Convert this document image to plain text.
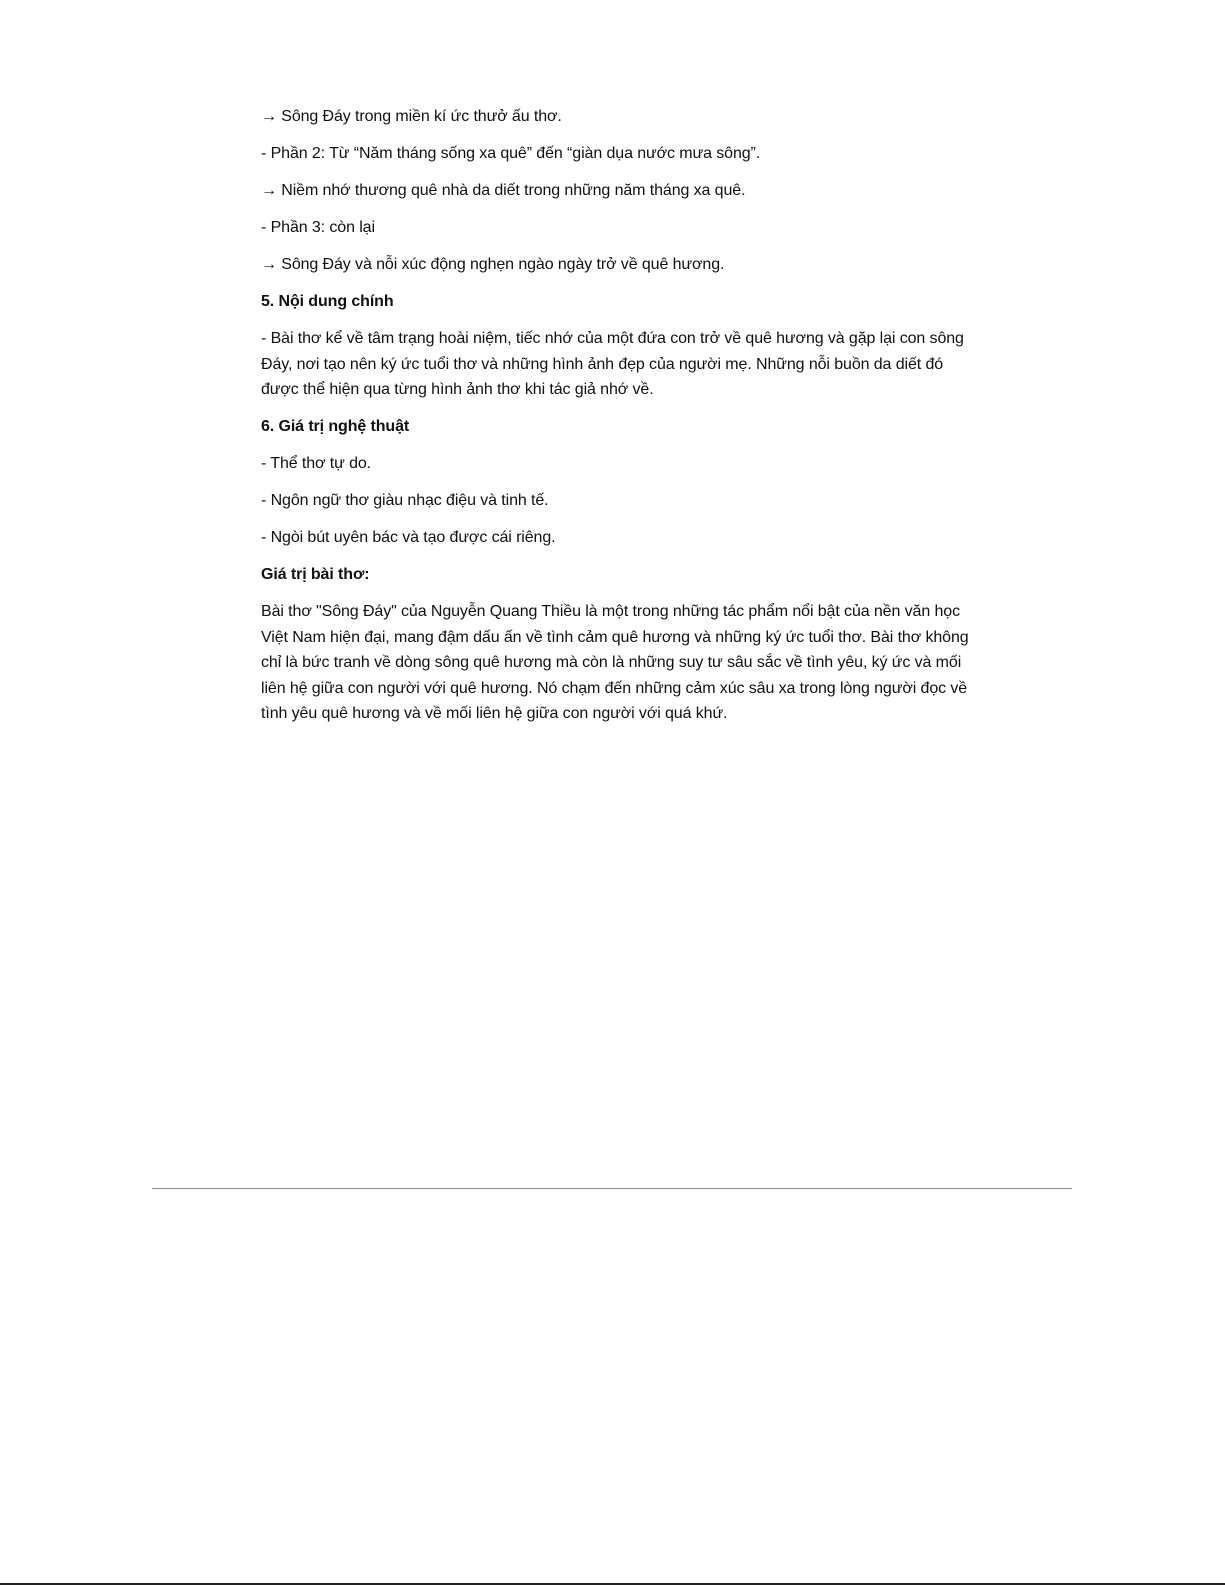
→ Sông Đáy trong miền kí ức thưở ấu thơ.

- Phần 2: Từ “Năm tháng sống xa quê” đến “giàn dụa nước mưa sông”.

→ Niềm nhớ thương quê nhà da diết trong những năm tháng xa quê.

- Phần 3: còn lại

→ Sông Đáy và nỗi xúc động nghẹn ngào ngày trở về quê hương.

5. Nội dung chính

- Bài thơ kể về tâm trạng hoài niệm, tiếc nhớ của một đứa con trở về quê hương và gặp lại con sông Đáy, nơi tạo nên ký ức tuổi thơ và những hình ảnh đẹp của người mẹ. Những nỗi buồn da diết đó được thể hiện qua từng hình ảnh thơ khi tác giả nhớ về.

6. Giá trị nghệ thuật

- Thể thơ tự do.

- Ngôn ngữ thơ giàu nhạc điệu và tinh tế.

- Ngòi bút uyên bác và tạo được cái riêng.

Giá trị bài thơ:

Bài thơ "Sông Đáy" của Nguyễn Quang Thiều là một trong những tác phẩm nổi bật của nền văn học Việt Nam hiện đại, mang đậm dấu ấn về tình cảm quê hương và những ký ức tuổi thơ. Bài thơ không chỉ là bức tranh về dòng sông quê hương mà còn là những suy tư sâu sắc về tình yêu, ký ức và mối liên hệ giữa con người với quê hương. Nó chạm đến những cảm xúc sâu xa trong lòng người đọc về tình yêu quê hương và về mối liên hệ giữa con người với quá khứ.
